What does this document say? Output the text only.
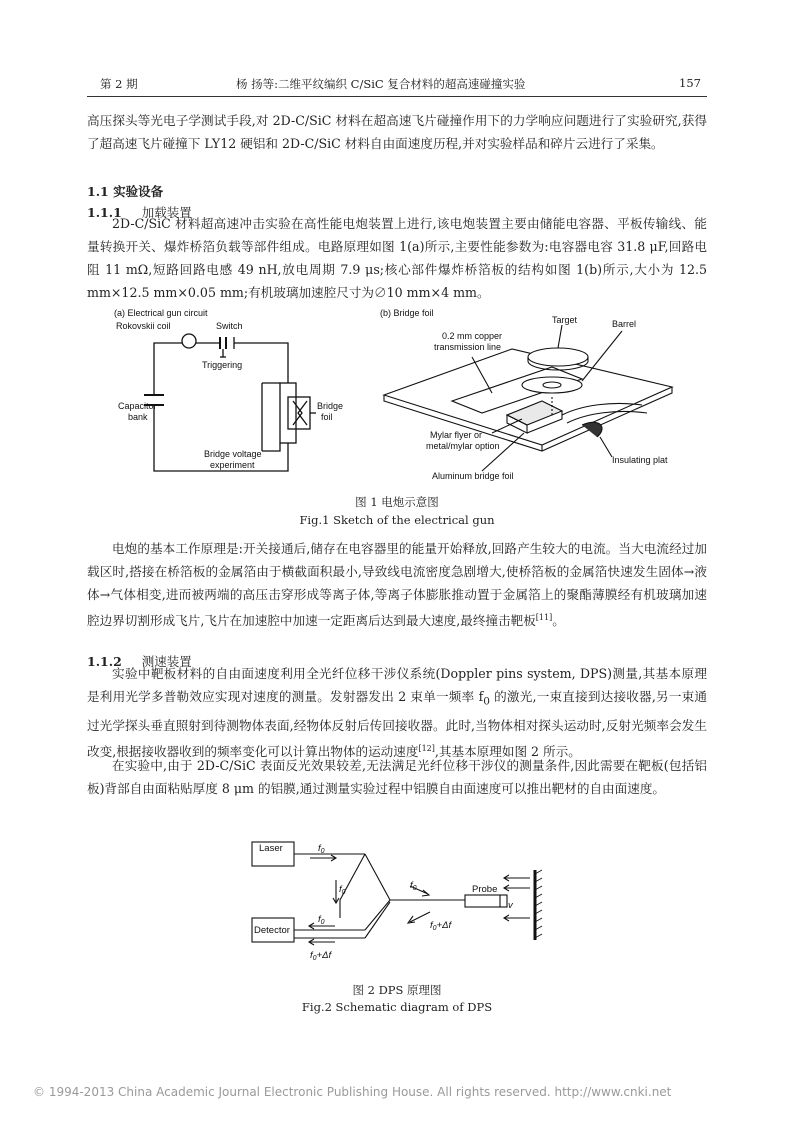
第 2 期	杨 扬等:二维平纹编织 C/SiC 复合材料的超高速碰撞实验	157

高压探头等光电子学测试手段,对 2D-C/SiC 材料在超高速飞片碰撞作用下的力学响应问题进行了实验研究,获得了超高速飞片碰撞下 LY12 硬铝和 2D-C/SiC 材料自由面速度历程,并对实验样品和碎片云进行了采集。

1.1 实验设备
1.1.1 加载装置

2D-C/SiC 材料超高速冲击实验在高性能电炮装置上进行,该电炮装置主要由储能电容器、平板传输线、能量转换开关、爆炸桥箔负载等部件组成。电路原理如图 1(a)所示,主要性能参数为:电容器电容 31.8 μF,回路电阻 11 mΩ,短路回路电感 49 nH,放电周期 7.9 μs;核心部件爆炸桥箔板的结构如图 1(b)所示,大小为 12.5 mm×12.5 mm×0.05 mm;有机玻璃加速腔尺寸为∅10 mm×4 mm。

(a) Electrical gun circuit
Rokovskii coil	Switch
Triggering
Capacitor
bank
Bridge
foil
Bridge voltage
experiment
(b) Bridge foil
0.2 mm copper
transmission line
Target	Barrel
Mylar flyer or
metal/mylar option
Aluminum bridge foil
Insulating plat
图 1 电炮示意图
Fig.1 Sketch of the electrical gun

电炮的基本工作原理是:开关接通后,储存在电容器里的能量开始释放,回路产生较大的电流。当大电流经过加载区时,搭接在桥箔板的金属箔由于横截面积最小,导致线电流密度急剧增大,使桥箔板的金属箔快速发生固体→液体→气体相变,进而被两端的高压击穿形成等离子体,等离子体膨胀推动置于金属箔上的聚酯薄膜经有机玻璃加速腔边界切割形成飞片,飞片在加速腔中加速一定距离后达到最大速度,最终撞击靶板[11]。

1.1.2 测速装置

实验中靶板材料的自由面速度利用全光纤位移干涉仪系统(Doppler pins system, DPS)测量,其基本原理是利用光学多普勒效应实现对速度的测量。发射器发出 2 束单一频率 $f_0$ 的激光,一束直接到达接收器,另一束通过光学探头垂直照射到待测物体表面,经物体反射后传回接收器。此时,当物体相对探头运动时,反射光频率会发生改变,根据接收器收到的频率变化可以计算出物体的运动速度[12],其基本原理如图 2 所示。

在实验中,由于 2D-C/SiC 表面反光效果较差,无法满足光纤位移干涉仪的测量条件,因此需要在靶板(包括铝板)背部自由面粘贴厚度 8 μm 的铝膜,通过测量实验过程中铝膜自由面速度可以推出靶材的自由面速度。

Laser
Detector
Probe
$f_0$
$f_0$
$f_0$
$f_0$
$f_0+\Delta f$
$f_0+\Delta f$
v
图 2 DPS 原理图
Fig.2 Schematic diagram of DPS
© 1994-2013 China Academic Journal Electronic Publishing House. All rights reserved. http://www.cnki.net
